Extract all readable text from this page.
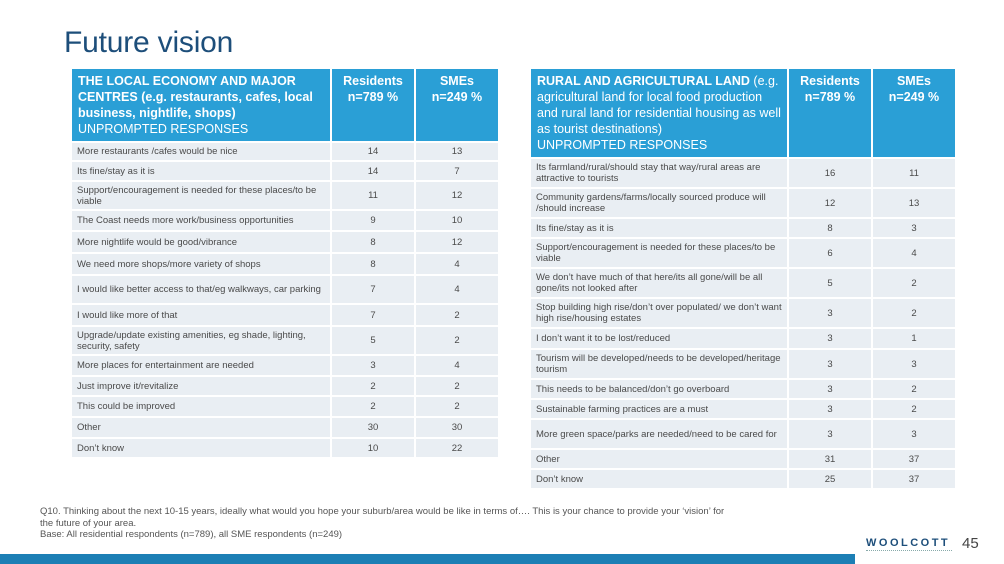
Future vision
THE LOCAL ECONOMY AND MAJOR CENTRES (e.g. restaurants, cafes, local business, nightlife, shops)
UNPROMPTED RESPONSES	Residents n=789 %	SMEs n=249 %
More restaurants /cafes would be nice	14	13
Its fine/stay as it is	14	7
Support/encouragement is needed for these places/to be viable	11	12
The Coast needs more work/business opportunities	9	10
More nightlife would be good/vibrance	8	12
We need more shops/more variety of shops	8	4
I would like better access to that/eg walkways, car parking	7	4
I would like more of that	7	2
Upgrade/update existing amenities, eg shade, lighting, security, safety	5	2
More places for entertainment are needed	3	4
Just improve it/revitalize	2	2
This could be improved	2	2
Other	30	30
Don’t know	10	22
RURAL AND AGRICULTURAL LAND (e.g. agricultural land for local food production and rural land for residential housing as well as tourist destinations)
UNPROMPTED RESPONSES	Residents n=789 %	SMEs n=249 %
Its farmland/rural/should stay that way/rural areas are attractive to tourists	16	11
Community gardens/farms/locally sourced produce will /should increase	12	13
Its fine/stay as it is	8	3
Support/encouragement is needed for these places/to be viable	6	4
We don’t have much of that here/its all gone/will be all gone/its not looked after	5	2
Stop building high rise/don’t over populated/ we don’t want high rise/housing estates	3	2
I don’t want it to be lost/reduced	3	1
Tourism will be developed/needs to be developed/heritage tourism	3	3
This needs to be balanced/don’t go overboard	3	2
Sustainable farming practices are a must	3	2
More green space/parks are needed/need to be cared for	3	3
Other	31	37
Don’t know	25	37
Q10. Thinking about the next 10-15 years, ideally what would you hope your suburb/area would be like in terms of…. This is your chance to provide your ‘vision’ for
the future of your area.
Base: All residential respondents (n=789), all SME respondents (n=249)
WOOLCOTT 45
